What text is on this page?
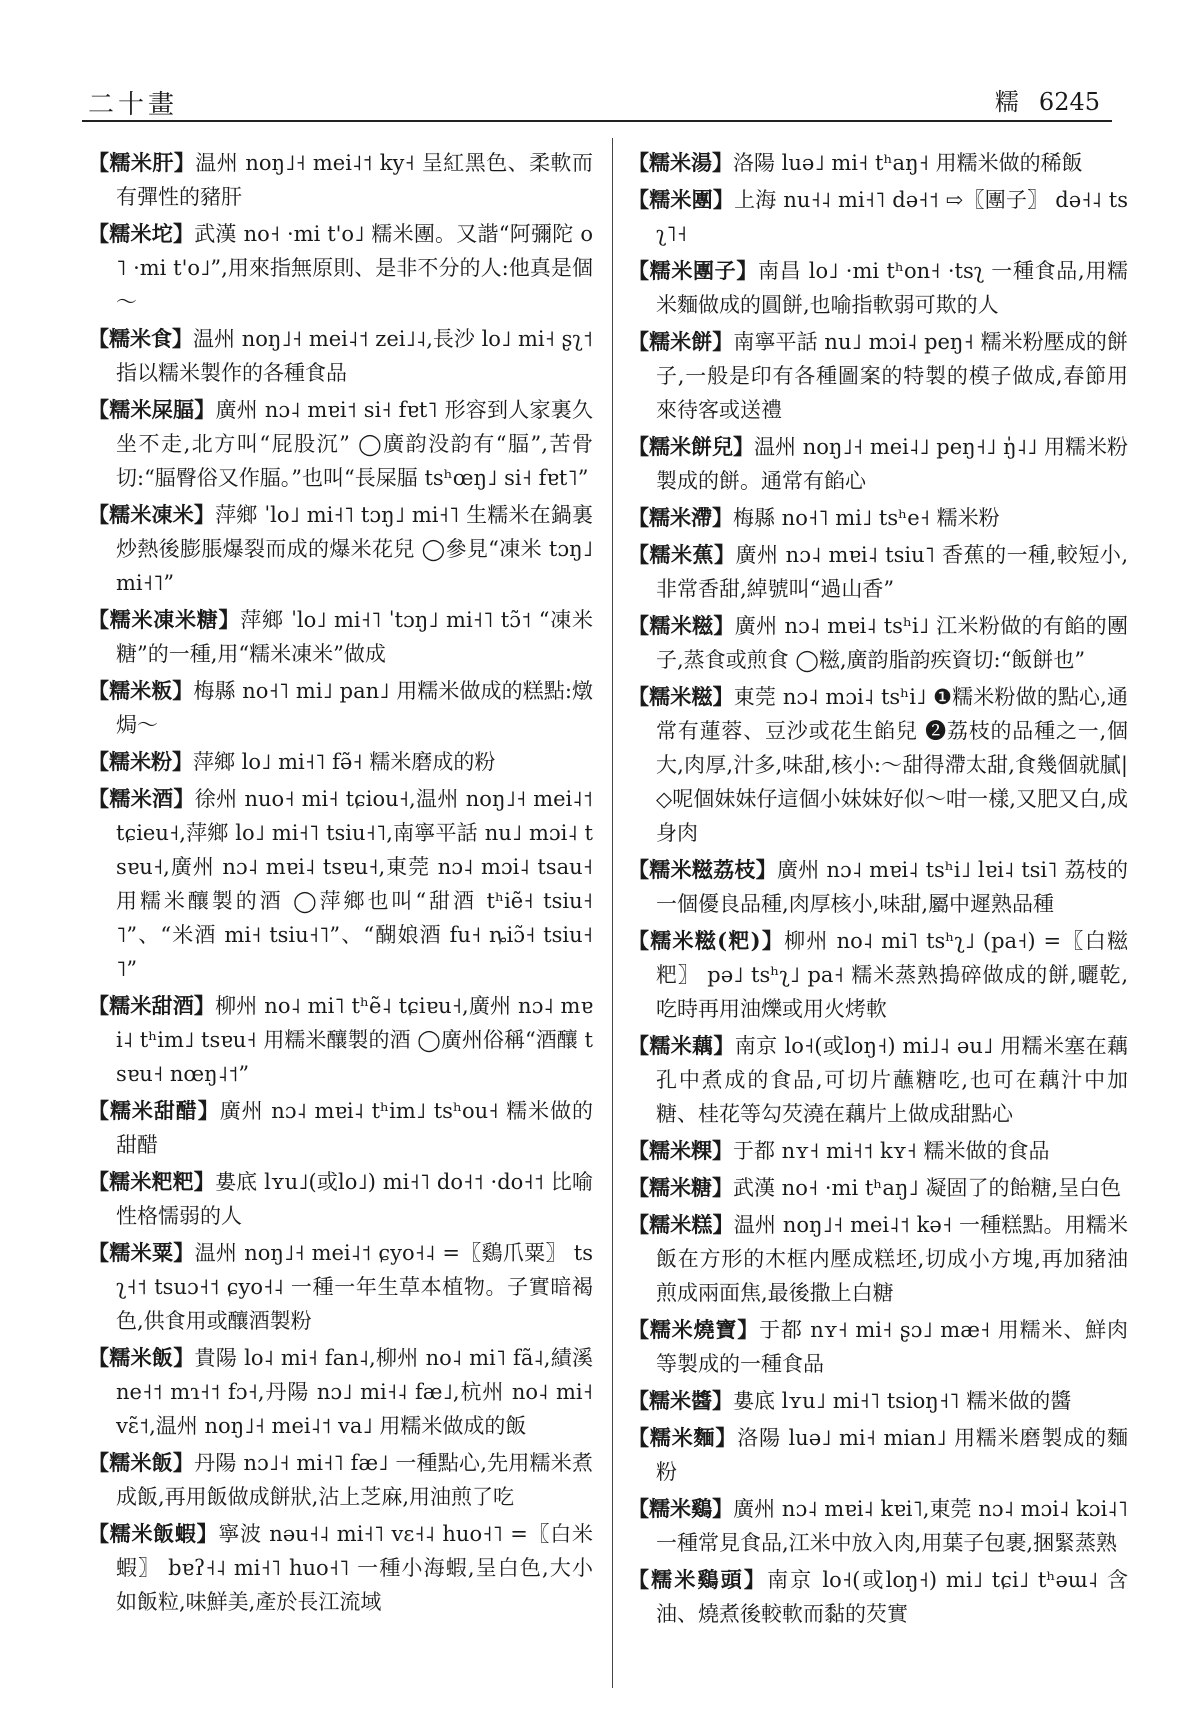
二十畫	糯 6245
【糯米肝】温州 noŋ˩˧ mei˨˦ ky˧ 呈紅黑色、柔軟而有彈性的豬肝
【糯米坨】武漢 no˧ ·mi t'o˩ 糯米團。又諧“阿彌陀 o˥ ·mi t'o˩”,用來指無原則、是非不分的人:他真是個～
【糯米食】温州 noŋ˩˧ mei˨˦ zei˩˨,長沙 lo˩ mi˧ ʂʅ˦ 指以糯米製作的各種食品
【糯米屎腷】廣州 nɔ˨ mɐi˦ si˧ fɐt˥ 形容到人家裏久坐不走,北方叫“屁股沉” ◯廣韵没韵有“腷”,苦骨切:“腷臀俗又作腷。”也叫“長屎腷 tsʰœŋ˩ si˧ fɐt˥”
【糯米凍米】萍鄉 ˈlo˩ mi˧˥ tɔŋ˩ mi˧˥ 生糯米在鍋裏炒熱後膨脹爆裂而成的爆米花兒 ◯參見“凍米 tɔŋ˩ mi˧˥”
【糯米凍米糖】萍鄉 ˈlo˩ mi˧˥ ˈtɔŋ˩ mi˧˥ tɔ̃˦ “凍米糖”的一種,用“糯米凍米”做成
【糯米粄】梅縣 no˧˥ mi˩ pan˩ 用糯米做成的糕點:燉焗～
【糯米粉】萍鄉 lo˩ mi˧˥ fə̃˧ 糯米磨成的粉
【糯米酒】徐州 nuo˧ mi˧ tɕiou˧,温州 noŋ˩˧ mei˨˦ tɕieu˧,萍鄉 lo˩ mi˧˥ tsiu˧˥,南寧平話 nu˩ mɔi˨ tsɐu˧,廣州 nɔ˨ mɐi˨ tsɐu˧,東莞 nɔ˨ mɔi˨ tsau˧ 用糯米釀製的酒 ◯萍鄉也叫“甜酒 tʰiẽ˧ tsiu˧˥”、“米酒 mi˧ tsiu˧˥”、“醐娘酒 fu˧ ȵiɔ̃˧ tsiu˧˥”
【糯米甜酒】柳州 no˨ mi˥ tʰẽ˨ tɕiɐu˧,廣州 nɔ˨ mɐi˨ tʰim˩ tsɐu˧ 用糯米釀製的酒 ◯廣州俗稱“酒釀 tsɐu˧ nœŋ˨˦”
【糯米甜醋】廣州 nɔ˨ mɐi˨ tʰim˩ tsʰou˧ 糯米做的甜醋
【糯米粑粑】婁底 lʏu˩(或lo˩) mi˧˥ do˧˦ ·do˧˦ 比喻性格懦弱的人
【糯米粟】温州 noŋ˩˧ mei˨˦ ɕyo˧˨ =〖鷄爪粟〗 tsʅ˧˦ tsuɔ˧˦ ɕyo˧˨ 一種一年生草本植物。子實暗褐色,供食用或釀酒製粉
【糯米飯】貴陽 lo˨ mi˧ fan˨,柳州 no˨ mi˥ fã˨,績溪 ne˧˦ mɿ˧˦ fɔ˧,丹陽 nɔ˩ mi˧˨ fæ˩,杭州 no˨ mi˧ vɛ̃˦,温州 noŋ˩˧ mei˨˦ va˩ 用糯米做成的飯
【糯米飯】丹陽 nɔ˩˧ mi˧˥ fæ˩ 一種點心,先用糯米煮成飯,再用飯做成餅狀,沾上芝麻,用油煎了吃
【糯米飯蝦】寧波 nəu˧˨ mi˧˥ vɛ˧˨ huo˧˥ =〖白米蝦〗 bɐʔ˧˨ mi˧˥ huo˧˥ 一種小海蝦,呈白色,大小如飯粒,味鮮美,產於長江流域
【糯米湯】洛陽 luə˩ mi˧ tʰaŋ˧ 用糯米做的稀飯
【糯米團】上海 nu˧˨ mi˧˥ də˧˦ ⇨〖團子〗 də˧˨ tsʅ˥˧
【糯米團子】南昌 lo˩ ·mi tʰon˧ ·tsʅ 一種食品,用糯米麵做成的圓餅,也喻指軟弱可欺的人
【糯米餅】南寧平話 nu˩ mɔi˨ peŋ˧ 糯米粉壓成的餅子,一般是印有各種圖案的特製的模子做成,春節用來待客或送禮
【糯米餅兒】温州 noŋ˩˧ mei˨˩ peŋ˧˩ ŋ̍˨˩ 用糯米粉製成的餅。通常有餡心
【糯米滯】梅縣 no˧˥ mi˩ tsʰe˧ 糯米粉
【糯米蕉】廣州 nɔ˨ mɐi˨ tsiu˥ 香蕉的一種,較短小,非常香甜,綽號叫“過山香”
【糯米糍】廣州 nɔ˨ mɐi˨ tsʰi˩ 江米粉做的有餡的團子,蒸食或煎食 ◯糍,廣韵脂韵疾資切:“飯餅也”
【糯米糍】東莞 nɔ˨ mɔi˨ tsʰi˩ ❶糯米粉做的點心,通常有蓮蓉、豆沙或花生餡兒 ❷荔枝的品種之一,個大,肉厚,汁多,味甜,核小:～甜得滯太甜,食幾個就膩|◇呢個妹妹仔這個小妹妹好似～咁一樣,又肥又白,成身肉
【糯米糍荔枝】廣州 nɔ˨ mɐi˨ tsʰi˩ lɐi˨ tsi˥ 荔枝的一個優良品種,肉厚核小,味甜,屬中遲熟品種
【糯米糍(粑)】柳州 no˨ mi˥ tsʰʅ˩ (pa˧) =〖白糍粑〗 pə˩ tsʰʅ˩ pa˧ 糯米蒸熟搗碎做成的餅,曬乾,吃時再用油爍或用火烤軟
【糯米藕】南京 lo˧(或loŋ˧) mi˩˨ əu˩ 用糯米塞在藕孔中煮成的食品,可切片蘸糖吃,也可在藕汁中加糖、桂花等勾芡澆在藕片上做成甜點心
【糯米粿】于都 nʏ˧ mi˧˦ kʏ˧ 糯米做的食品
【糯米糖】武漢 no˧ ·mi tʰaŋ˩ 凝固了的飴糖,呈白色
【糯米糕】温州 noŋ˩˧ mei˨˦ kə˧ 一種糕點。用糯米飯在方形的木框内壓成糕坯,切成小方塊,再加豬油煎成兩面焦,最後撒上白糖
【糯米燒寶】于都 nʏ˧ mi˧ ʂɔ˩ mæ˧ 用糯米、鮮肉等製成的一種食品
【糯米醬】婁底 lʏu˩ mi˧˥ tsioŋ˧˥ 糯米做的醬
【糯米麵】洛陽 luə˩ mi˧ mian˩ 用糯米磨製成的麵粉
【糯米鷄】廣州 nɔ˨ mɐi˨ kɐi˥,東莞 nɔ˨ mɔi˨ kɔi˨˥ 一種常見食品,江米中放入肉,用葉子包裹,捆緊蒸熟
【糯米鷄頭】南京 lo˧(或loŋ˧) mi˩ tɕi˩ tʰəɯ˨ 含油、燒煮後較軟而黏的芡實
